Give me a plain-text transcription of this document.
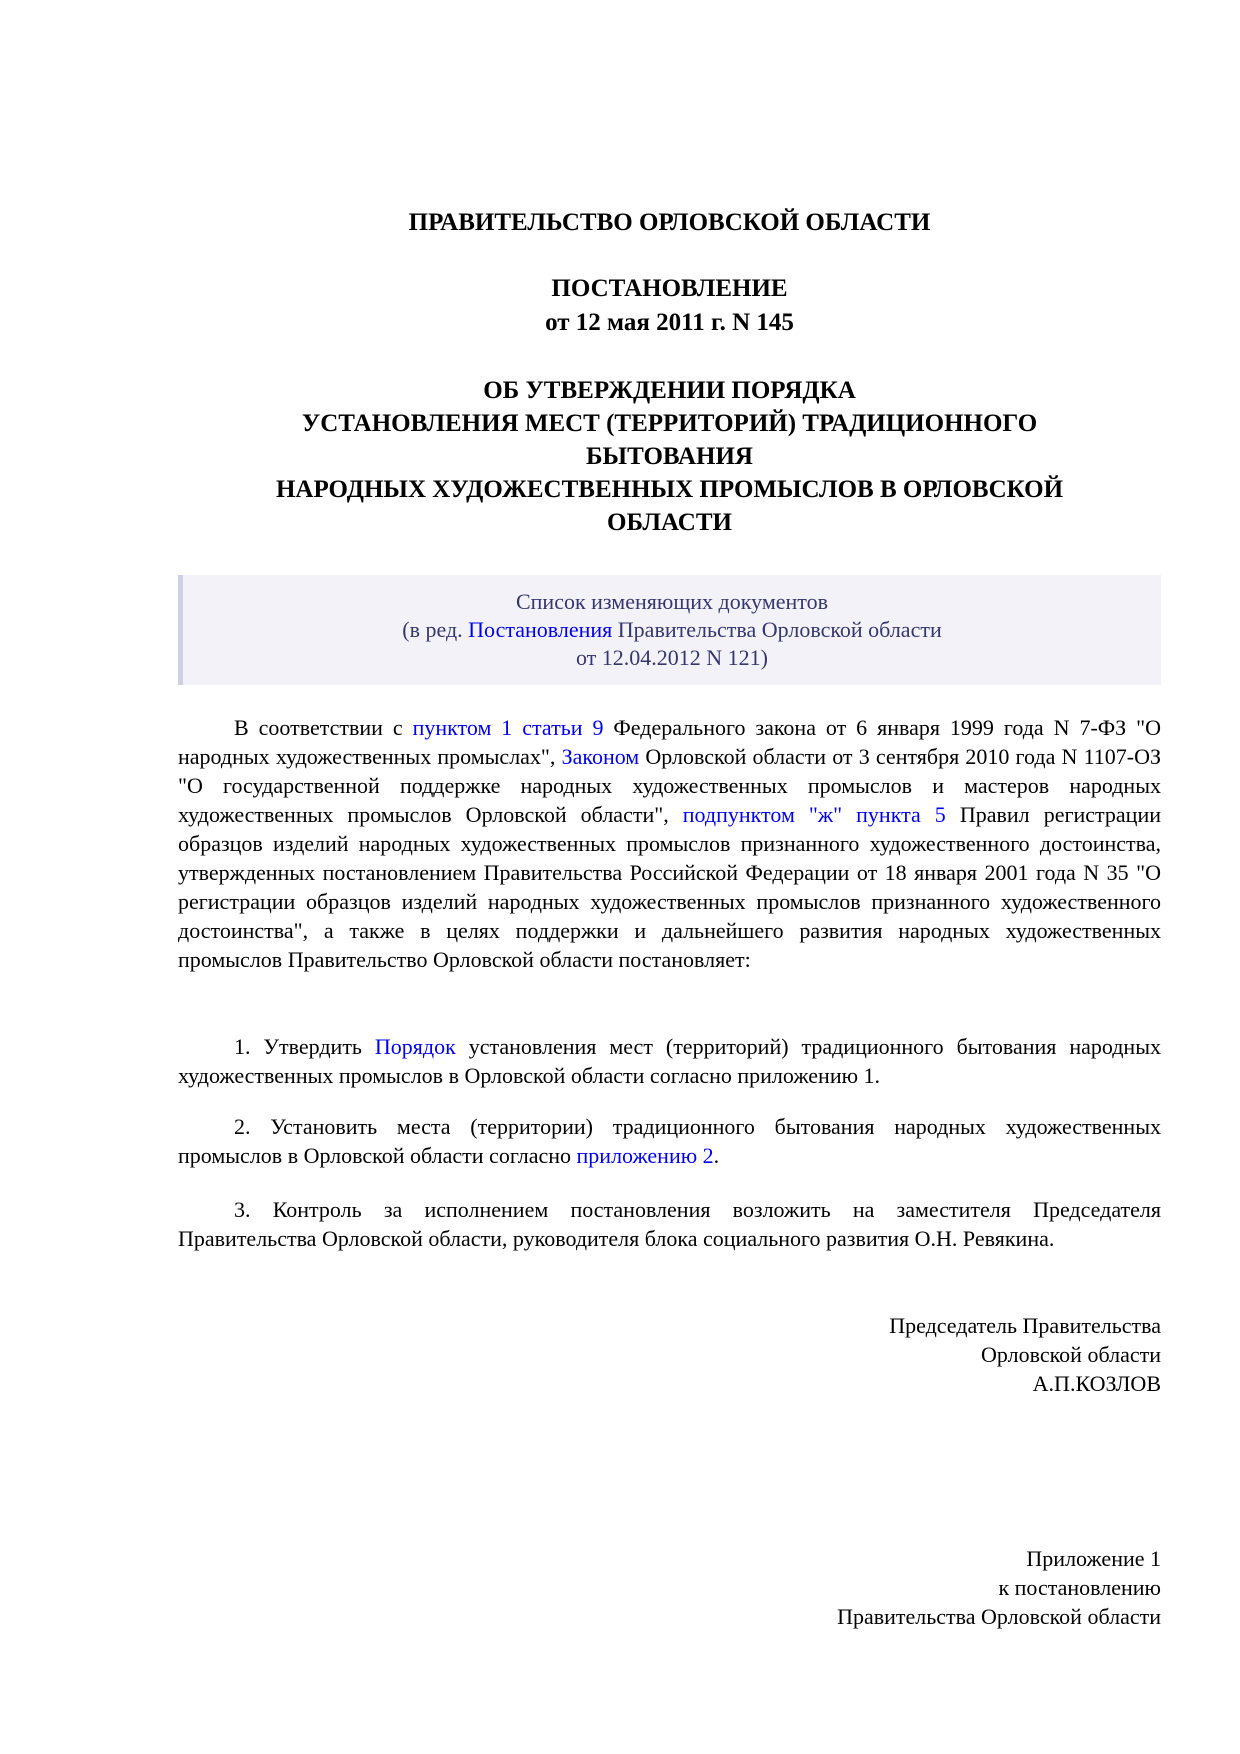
ПРАВИТЕЛЬСТВО ОРЛОВСКОЙ ОБЛАСТИ
ПОСТАНОВЛЕНИЕ
от 12 мая 2011 г. N 145
ОБ УТВЕРЖДЕНИИ ПОРЯДКА
УСТАНОВЛЕНИЯ МЕСТ (ТЕРРИТОРИЙ) ТРАДИЦИОННОГО
БЫТОВАНИЯ
НАРОДНЫХ ХУДОЖЕСТВЕННЫХ ПРОМЫСЛОВ В ОРЛОВСКОЙ
ОБЛАСТИ
Список изменяющих документов
(в ред. Постановления Правительства Орловской области
от 12.04.2012 N 121)

В соответствии с пунктом 1 статьи 9 Федерального закона от 6 января 1999 года N 7-ФЗ "О народных художественных промыслах", Законом Орловской области от 3 сентября 2010 года N 1107-ОЗ "О государственной поддержке народных художественных промыслов и мастеров народных художественных промыслов Орловской области", подпунктом "ж" пункта 5 Правил регистрации образцов изделий народных художественных промыслов признанного художественного достоинства, утвержденных постановлением Правительства Российской Федерации от 18 января 2001 года N 35 "О регистрации образцов изделий народных художественных промыслов признанного художественного достоинства", а также в целях поддержки и дальнейшего развития народных художественных промыслов Правительство Орловской области постановляет:

1. Утвердить Порядок установления мест (территорий) традиционного бытования народных художественных промыслов в Орловской области согласно приложению 1.

2. Установить места (территории) традиционного бытования народных художественных промыслов в Орловской области согласно приложению 2.

3. Контроль за исполнением постановления возложить на заместителя Председателя Правительства Орловской области, руководителя блока социального развития О.Н. Ревякина.

Председатель Правительства
Орловской области
А.П.КОЗЛОВ
Приложение 1
к постановлению
Правительства Орловской области
